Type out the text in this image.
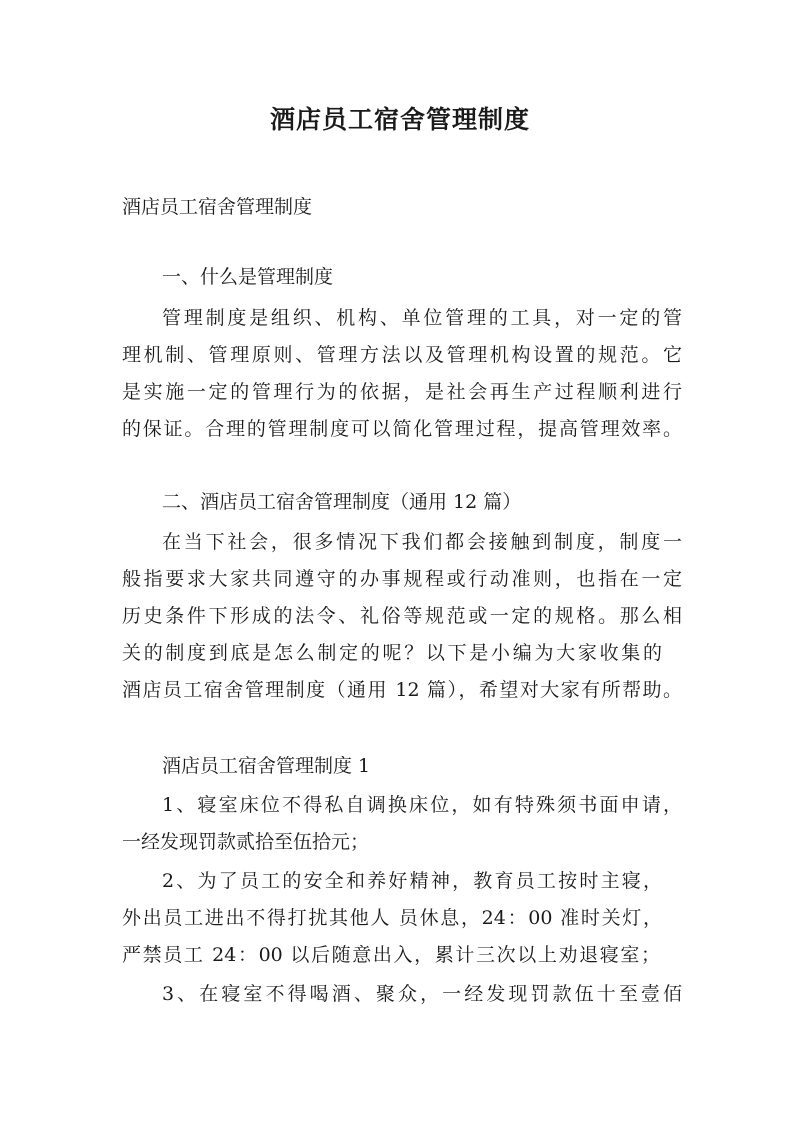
酒店员工宿舍管理制度
酒店员工宿舍管理制度
一、什么是管理制度
管理制度是组织、机构、单位管理的工具，对一定的管
理机制、管理原则、管理方法以及管理机构设置的规范。它
是实施一定的管理行为的依据，是社会再生产过程顺利进行
的保证。合理的管理制度可以简化管理过程，提高管理效率。
二、酒店员工宿舍管理制度（通用 12 篇）
在当下社会，很多情况下我们都会接触到制度，制度一
般指要求大家共同遵守的办事规程或行动准则，也指在一定
历史条件下形成的法令、礼俗等规范或一定的规格。那么相
关的制度到底是怎么制定的呢？以下是小编为大家收集的
酒店员工宿舍管理制度（通用 12 篇），希望对大家有所帮助。
酒店员工宿舍管理制度 1
1、寝室床位不得私自调换床位，如有特殊须书面申请，
一经发现罚款贰拾至伍拾元；
2、为了员工的安全和养好精神，教育员工按时主寝，
外出员工进出不得打扰其他人 员休息，24：00 准时关灯，
严禁员工 24：00 以后随意出入，累计三次以上劝退寝室；
3、在寝室不得喝酒、聚众，一经发现罚款伍十至壹佰
